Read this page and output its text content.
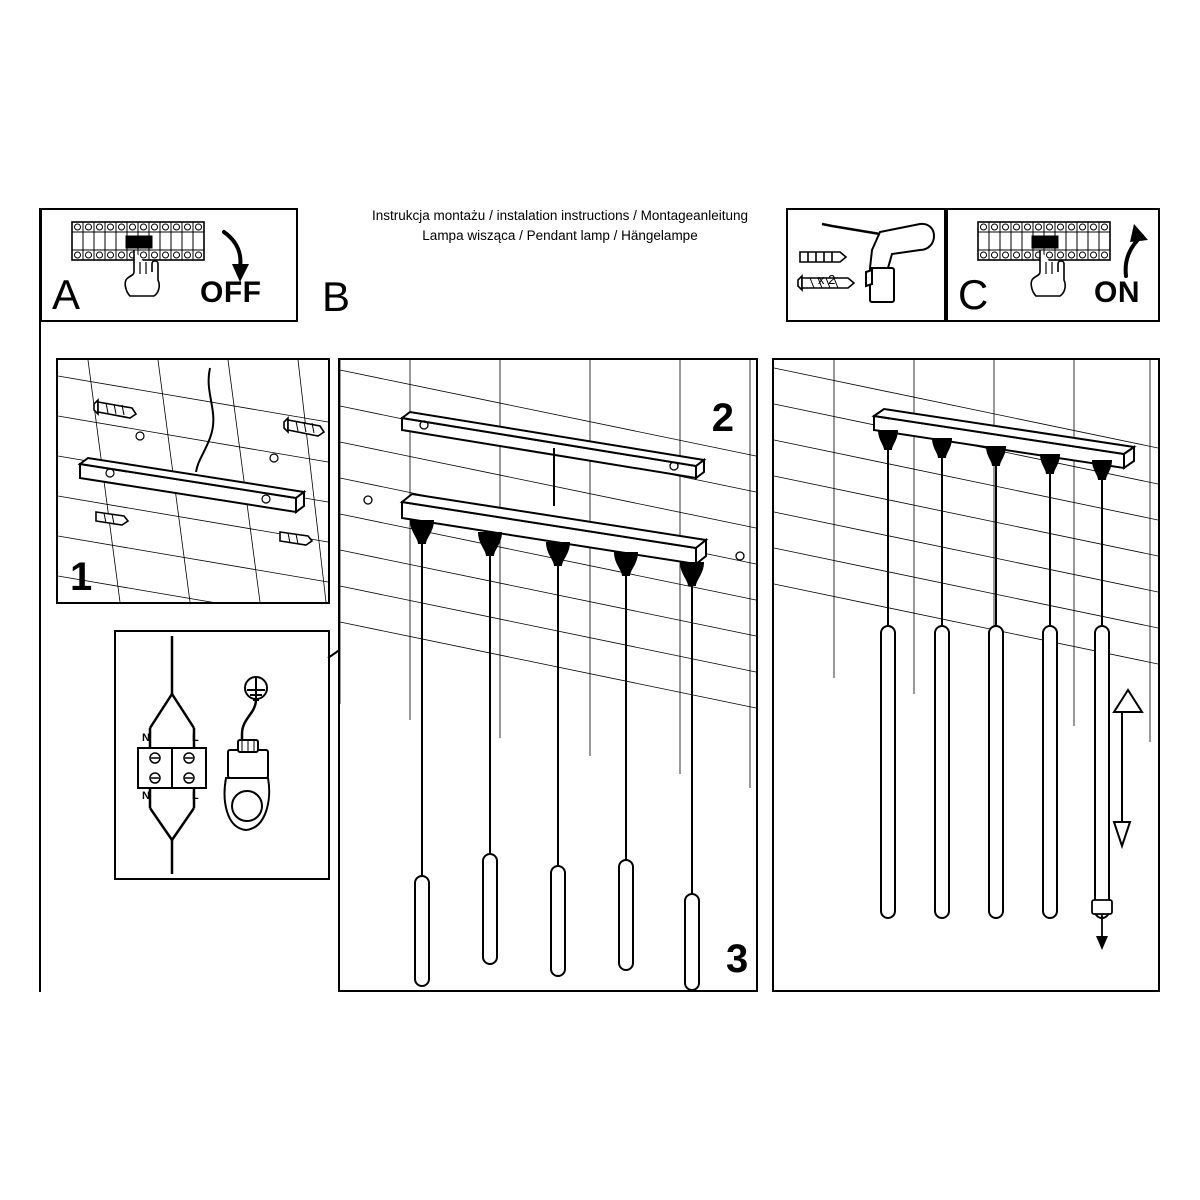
A	OFF
Instrukcja montażu / instalation instructions / Montageanleitung
Lampa wisząca / Pendant lamp / Hängelampe
B	x 2	C	ON
1
N	L
N	L
2
3
